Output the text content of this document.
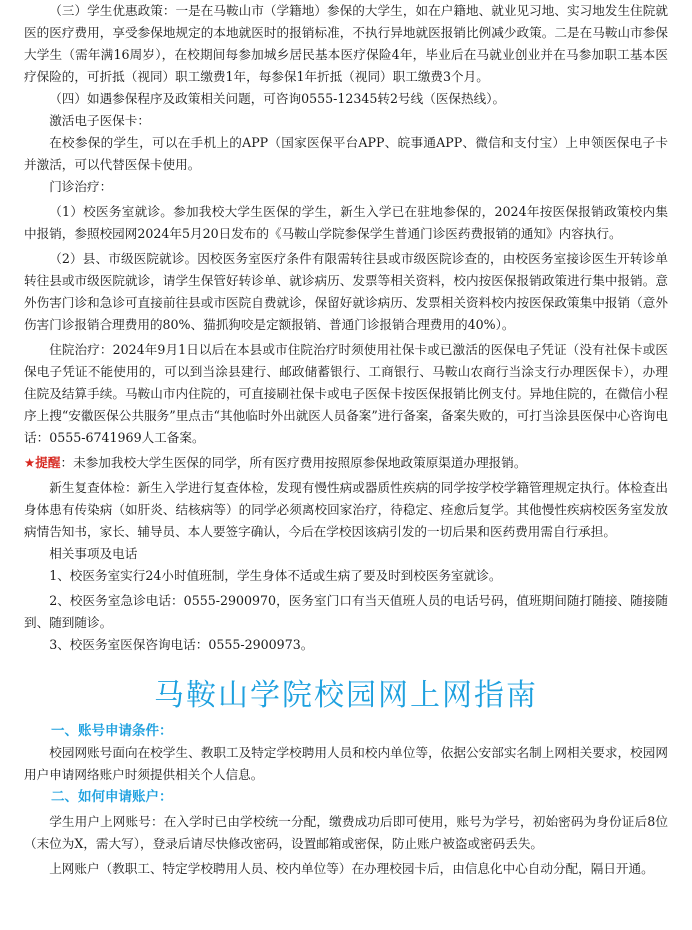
（三）学生优惠政策：一是在马鞍山市（学籍地）参保的大学生，如在户籍地、就业见习地、实习地发生住院就医的医疗费用，享受参保地规定的本地就医时的报销标准，不执行异地就医报销比例减少政策。二是在马鞍山市参保大学生（需年满16周岁），在校期间每参加城乡居民基本医疗保险4年，毕业后在马就业创业并在马参加职工基本医疗保险的，可折抵（视同）职工缴费1年，每参保1年折抵（视同）职工缴费3个月。

（四）如遇参保程序及政策相关问题，可咨询0555-12345转2号线（医保热线）。

激活电子医保卡：

在校参保的学生，可以在手机上的APP（国家医保平台APP、皖事通APP、微信和支付宝）上申领医保电子卡并激活，可以代替医保卡使用。

门诊治疗：

（1）校医务室就诊。参加我校大学生医保的学生，新生入学已在驻地参保的，2024年按医保报销政策校内集中报销，参照校园网2024年5月20日发布的《马鞍山学院参保学生普通门诊医药费报销的通知》内容执行。

（2）县、市级医院就诊。因校医务室医疗条件有限需转往县或市级医院诊查的，由校医务室接诊医生开转诊单转往县或市级医院就诊，请学生保管好转诊单、就诊病历、发票等相关资料，校内按医保报销政策进行集中报销。意外伤害门诊和急诊可直接前往县或市医院自费就诊，保留好就诊病历、发票相关资料校内按医保政策集中报销（意外伤害门诊报销合理费用的80%、猫抓狗咬是定额报销、普通门诊报销合理费用的40%）。

住院治疗：2024年9月1日以后在本县或市住院治疗时须使用社保卡或已激活的医保电子凭证（没有社保卡或医保电子凭证不能使用的，可以到当涂县建行、邮政储蓄银行、工商银行、马鞍山农商行当涂支行办理医保卡），办理住院及结算手续。马鞍山市内住院的，可直接刷社保卡或电子医保卡按医保报销比例支付。异地住院的，在微信小程序上搜“安徽医保公共服务”里点击“其他临时外出就医人员备案”进行备案，备案失败的，可打当涂县医保中心咨询电话：0555-6741969人工备案。

★提醒：未参加我校大学生医保的同学，所有医疗费用按照原参保地政策原渠道办理报销。

新生复查体检：新生入学进行复查体检，发现有慢性病或器质性疾病的同学按学校学籍管理规定执行。体检查出身体患有传染病（如肝炎、结核病等）的同学必须离校回家治疗，待稳定、痊愈后复学。其他慢性疾病校医务室发放病情告知书，家长、辅导员、本人要签字确认，今后在学校因该病引发的一切后果和医药费用需自行承担。

相关事项及电话

1、校医务室实行24小时值班制，学生身体不适或生病了要及时到校医务室就诊。

2、校医务室急诊电话：0555-2900970，医务室门口有当天值班人员的电话号码，值班期间随打随接、随接随到、随到随诊。

3、校医务室医保咨询电话：0555-2900973。

马鞍山学院校园网上网指南

一、账号申请条件：

校园网账号面向在校学生、教职工及特定学校聘用人员和校内单位等，依据公安部实名制上网相关要求，校园网用户申请网络账户时须提供相关个人信息。

二、如何申请账户：

学生用户上网账号：在入学时已由学校统一分配，缴费成功后即可使用，账号为学号，初始密码为身份证后8位（末位为X，需大写），登录后请尽快修改密码，设置邮箱或密保，防止账户被盗或密码丢失。

上网账户（教职工、特定学校聘用人员、校内单位等）在办理校园卡后，由信息化中心自动分配，隔日开通。
